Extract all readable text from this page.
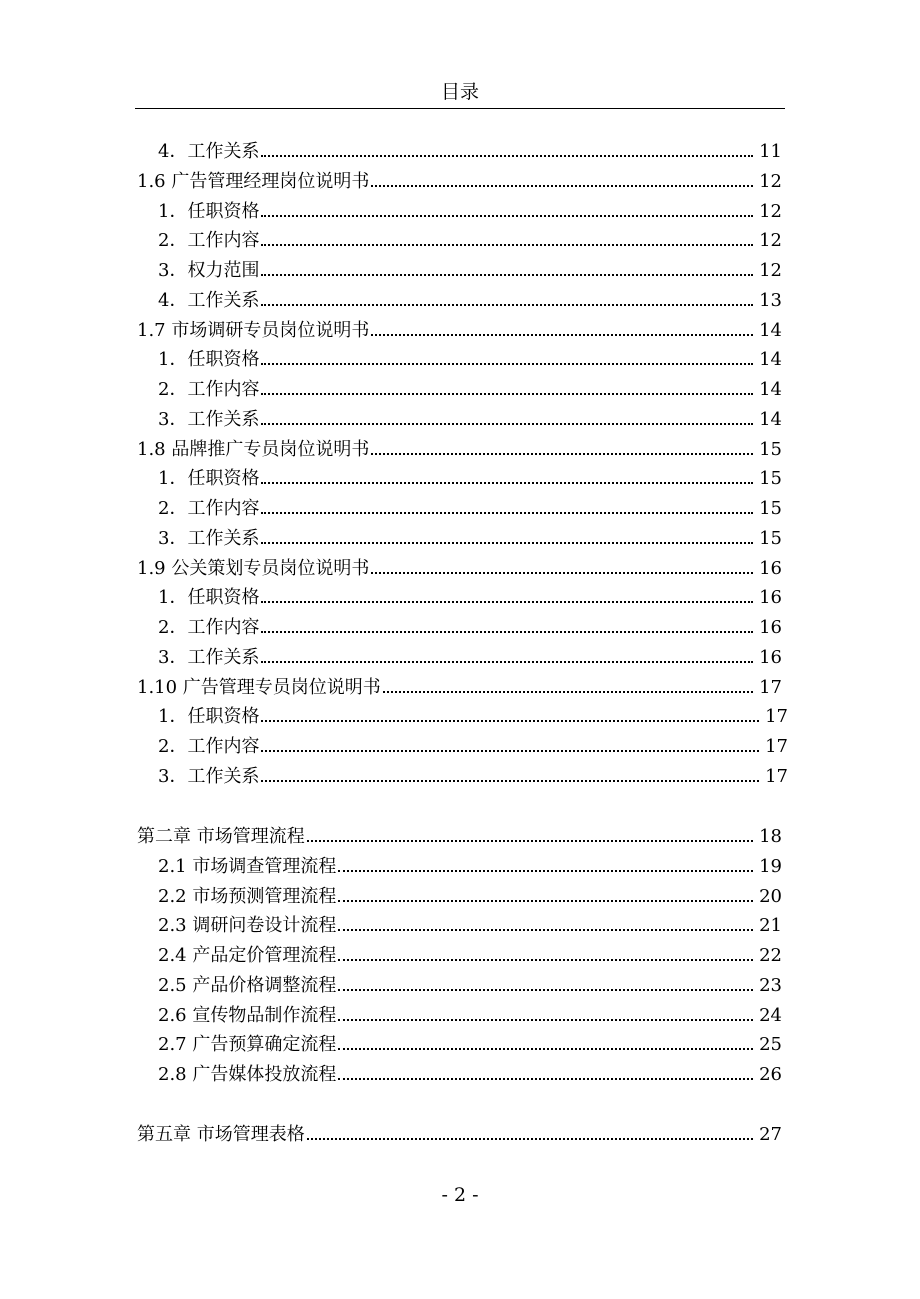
目录
4．工作关系	11
1.6 广告管理经理岗位说明书	12
1．任职资格	12
2．工作内容	12
3．权力范围	12
4．工作关系	13
1.7 市场调研专员岗位说明书	14
1．任职资格	14
2．工作内容	14
3．工作关系	14
1.8 品牌推广专员岗位说明书	15
1．任职资格	15
2．工作内容	15
3．工作关系	15
1.9 公关策划专员岗位说明书	16
1．任职资格	16
2．工作内容	16
3．工作关系	16
1.10 广告管理专员岗位说明书	17
1．任职资格	17
2．工作内容	17
3．工作关系	17
第二章 市场管理流程	18
2.1 市场调查管理流程	19
2.2 市场预测管理流程	20
2.3 调研问卷设计流程	21
2.4 产品定价管理流程	22
2.5 产品价格调整流程	23
2.6 宣传物品制作流程	24
2.7 广告预算确定流程	25
2.8 广告媒体投放流程	26
第五章 市场管理表格	27
- 2 -
